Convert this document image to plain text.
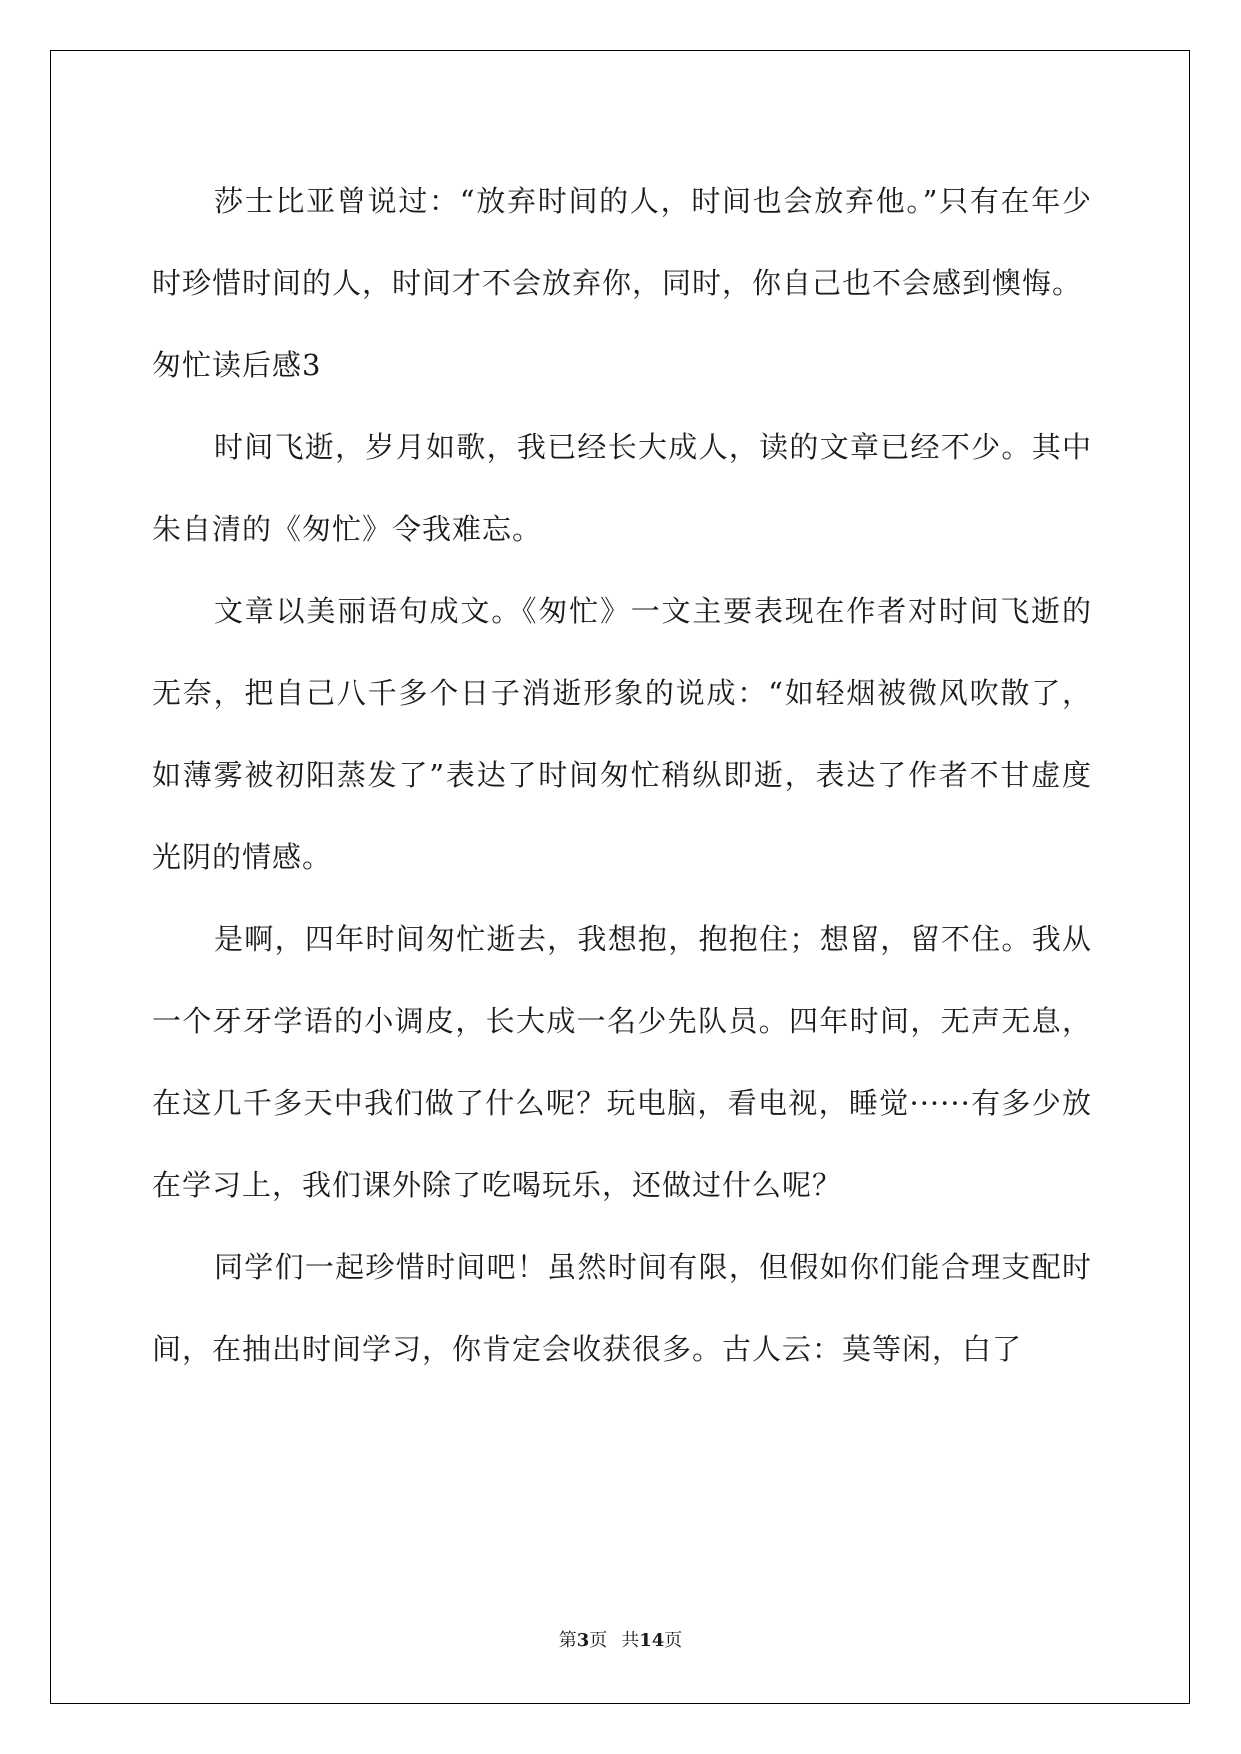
莎士比亚曾说过：“放弃时间的人，时间也会放弃他。”只有在年少时珍惜时间的人，时间才不会放弃你，同时，你自己也不会感到懊悔。

匆忙读后感3

时间飞逝，岁月如歌，我已经长大成人，读的文章已经不少。其中朱自清的《匆忙》令我难忘。

文章以美丽语句成文。《匆忙》一文主要表现在作者对时间飞逝的无奈，把自己八千多个日子消逝形象的说成：“如轻烟被微风吹散了，如薄雾被初阳蒸发了”表达了时间匆忙稍纵即逝，表达了作者不甘虚度光阴的情感。

是啊，四年时间匆忙逝去，我想抱，抱抱住；想留，留不住。我从一个牙牙学语的小调皮，长大成一名少先队员。四年时间，无声无息，在这几千多天中我们做了什么呢？玩电脑，看电视，睡觉······有多少放在学习上，我们课外除了吃喝玩乐，还做过什么呢？

同学们一起珍惜时间吧！虽然时间有限，但假如你们能合理支配时间，在抽出时间学习，你肯定会收获很多。古人云：莫等闲，白了

第3页 共14页
